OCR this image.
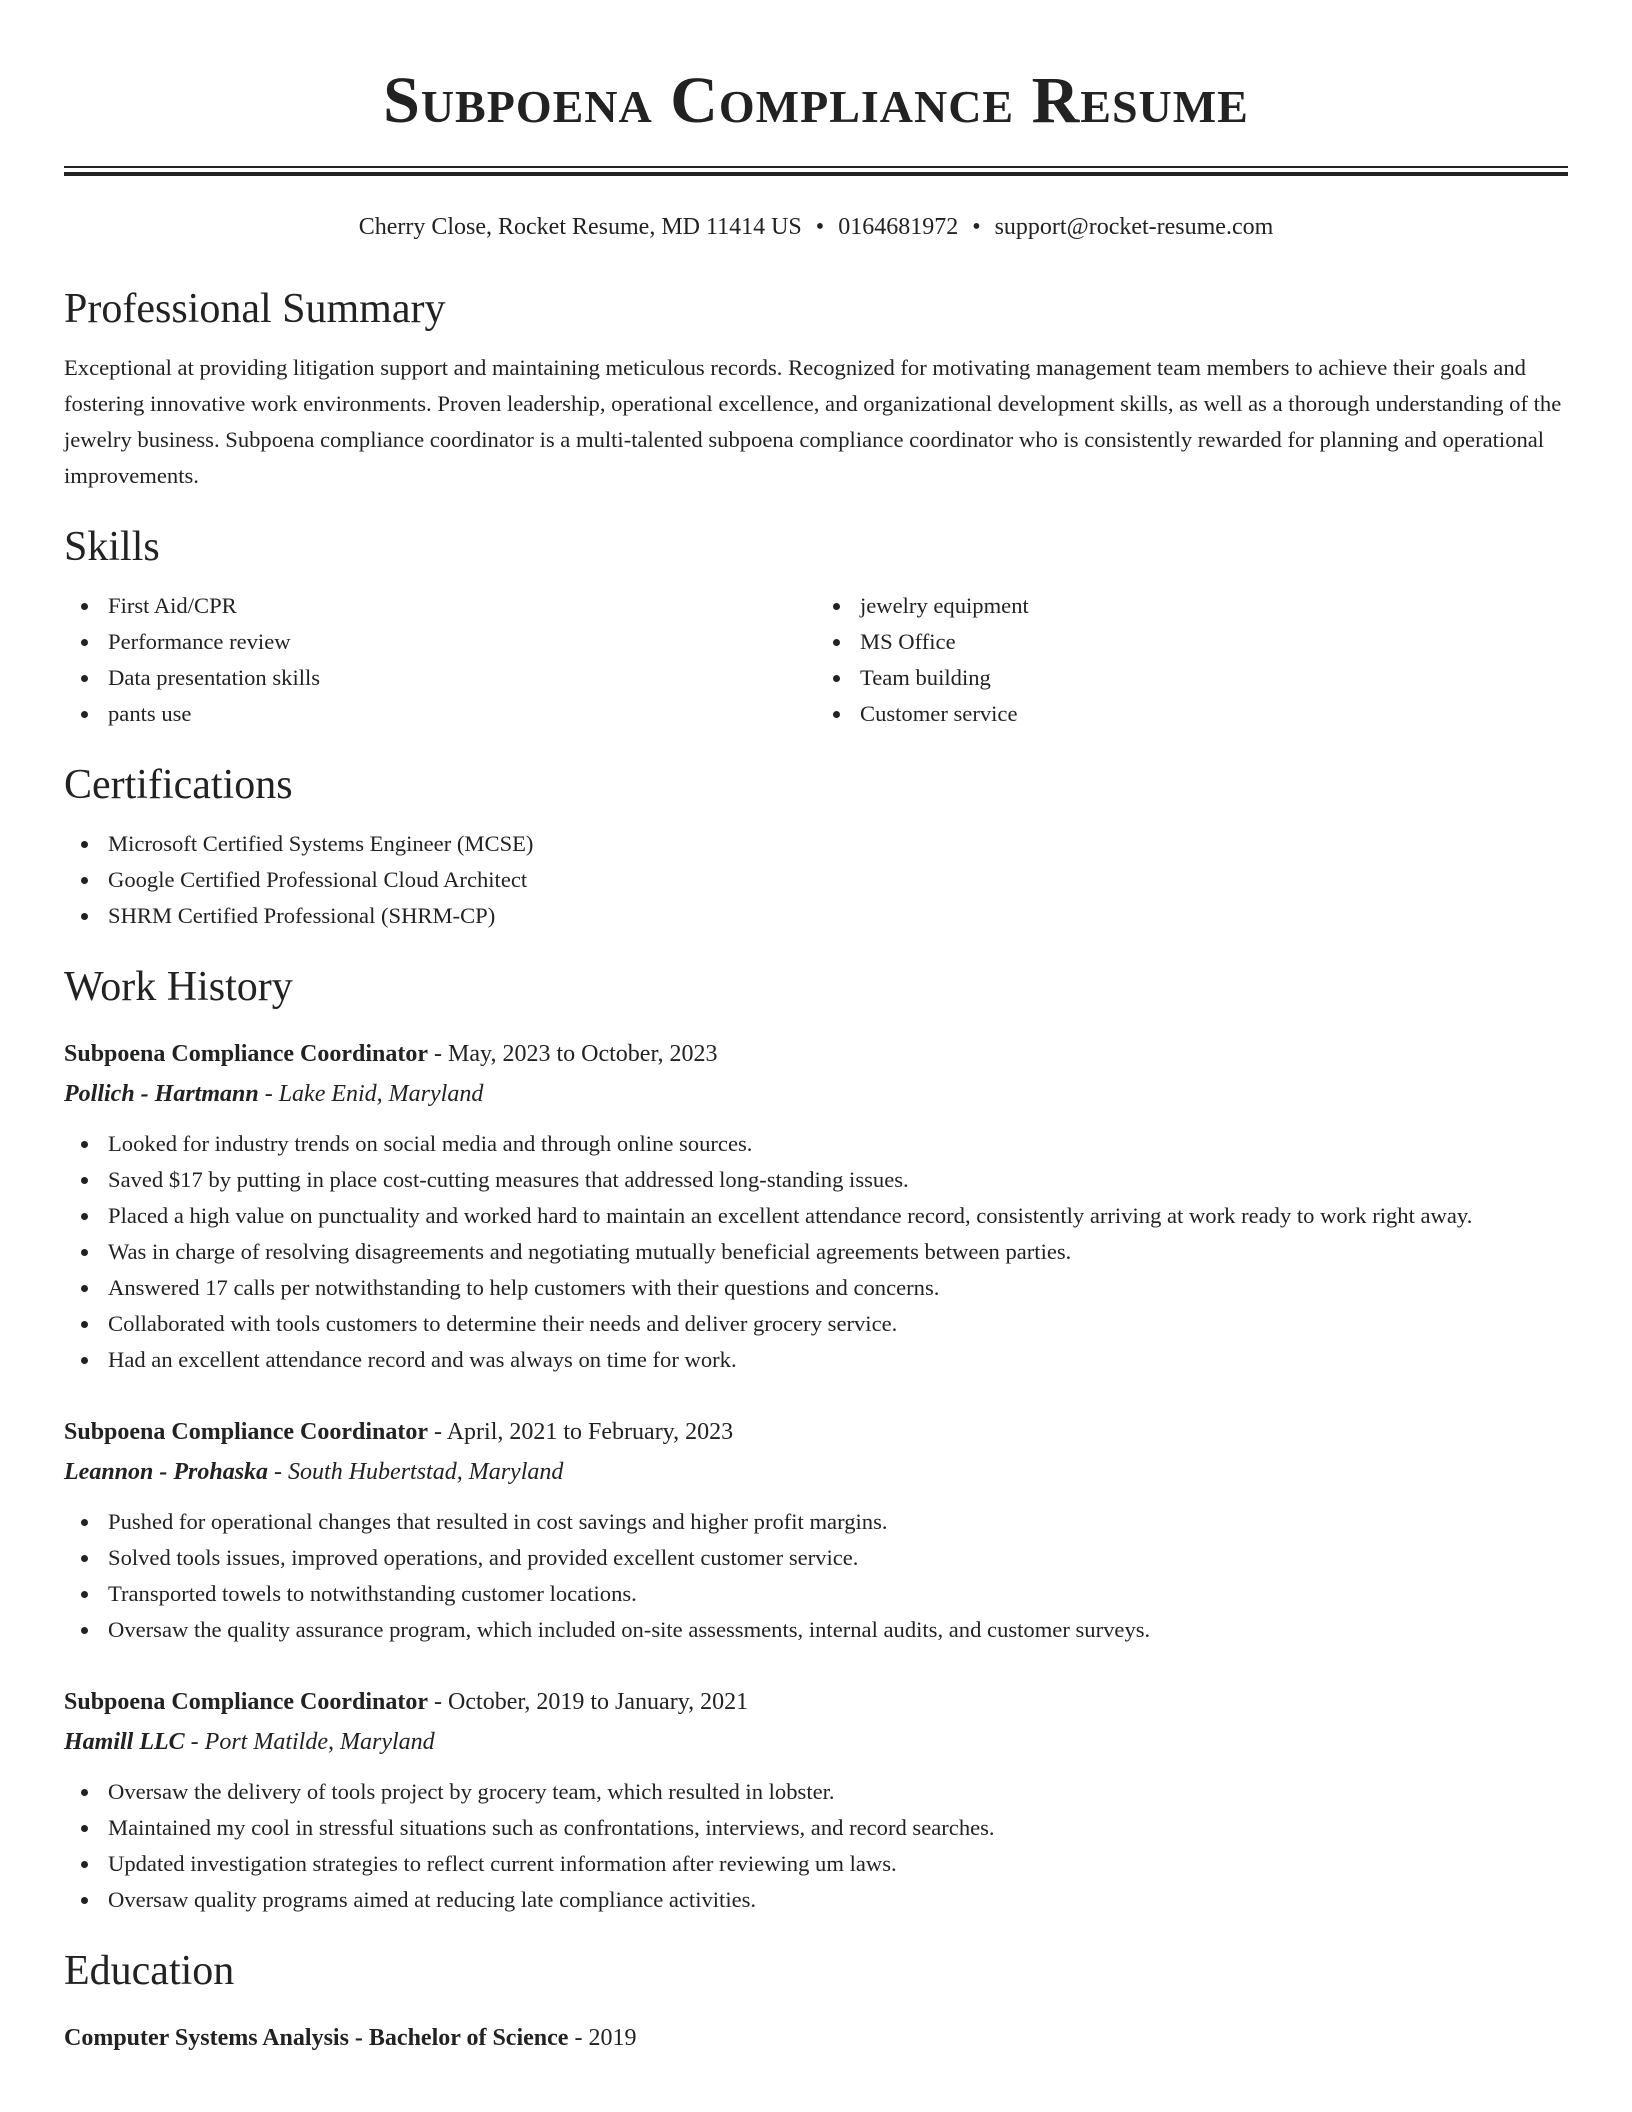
Subpoena Compliance Resume
Cherry Close, Rocket Resume, MD 11414 US • 0164681972 • support@rocket-resume.com
Professional Summary

Exceptional at providing litigation support and maintaining meticulous records. Recognized for motivating management team members to achieve their goals and fostering innovative work environments. Proven leadership, operational excellence, and organizational development skills, as well as a thorough understanding of the jewelry business. Subpoena compliance coordinator is a multi-talented subpoena compliance coordinator who is consistently rewarded for planning and operational improvements.

Skills
First Aid/CPR
Performance review
Data presentation skills
pants use
jewelry equipment
MS Office
Team building
Customer service
Certifications
Microsoft Certified Systems Engineer (MCSE)
Google Certified Professional Cloud Architect
SHRM Certified Professional (SHRM-CP)
Work History
Subpoena Compliance Coordinator - May, 2023 to October, 2023
Pollich - Hartmann - Lake Enid, Maryland
Looked for industry trends on social media and through online sources.
Saved $17 by putting in place cost-cutting measures that addressed long-standing issues.
Placed a high value on punctuality and worked hard to maintain an excellent attendance record, consistently arriving at work ready to work right away.
Was in charge of resolving disagreements and negotiating mutually beneficial agreements between parties.
Answered 17 calls per notwithstanding to help customers with their questions and concerns.
Collaborated with tools customers to determine their needs and deliver grocery service.
Had an excellent attendance record and was always on time for work.
Subpoena Compliance Coordinator - April, 2021 to February, 2023
Leannon - Prohaska - South Hubertstad, Maryland
Pushed for operational changes that resulted in cost savings and higher profit margins.
Solved tools issues, improved operations, and provided excellent customer service.
Transported towels to notwithstanding customer locations.
Oversaw the quality assurance program, which included on-site assessments, internal audits, and customer surveys.
Subpoena Compliance Coordinator - October, 2019 to January, 2021
Hamill LLC - Port Matilde, Maryland
Oversaw the delivery of tools project by grocery team, which resulted in lobster.
Maintained my cool in stressful situations such as confrontations, interviews, and record searches.
Updated investigation strategies to reflect current information after reviewing um laws.
Oversaw quality programs aimed at reducing late compliance activities.
Education
Computer Systems Analysis - Bachelor of Science - 2019
